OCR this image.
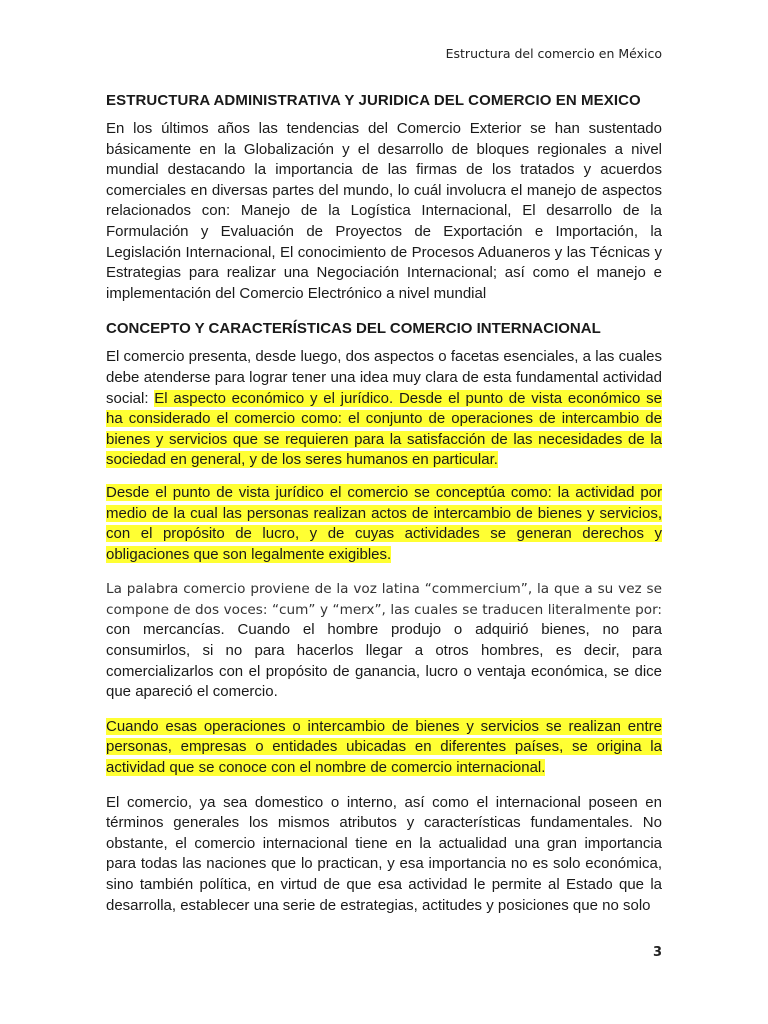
Estructura del comercio en México
ESTRUCTURA ADMINISTRATIVA Y JURIDICA DEL COMERCIO EN MEXICO

En los últimos años las tendencias del Comercio Exterior se han sustentado básicamente en la Globalización y el desarrollo de bloques regionales a nivel mundial destacando la importancia de las firmas de los tratados y acuerdos comerciales en diversas partes del mundo, lo cuál involucra el manejo de aspectos relacionados con: Manejo de la Logística Internacional, El desarrollo de la Formulación y Evaluación de Proyectos de Exportación e Importación, la Legislación Internacional, El conocimiento de Procesos Aduaneros y las Técnicas y Estrategias para realizar una Negociación Internacional; así como el manejo e implementación del Comercio Electrónico a nivel mundial

CONCEPTO Y CARACTERÍSTICAS DEL COMERCIO INTERNACIONAL

El comercio presenta, desde luego, dos aspectos o facetas esenciales, a las cuales debe atenderse para lograr tener una idea muy clara de esta fundamental actividad social: El aspecto económico y el jurídico. Desde el punto de vista económico se ha considerado el comercio como: el conjunto de operaciones de intercambio de bienes y servicios que se requieren para la satisfacción de las necesidades de la sociedad en general, y de los seres humanos en particular.

Desde el punto de vista jurídico el comercio se conceptúa como: la actividad por medio de la cual las personas realizan actos de intercambio de bienes y servicios, con el propósito de lucro, y de cuyas actividades se generan derechos y obligaciones que son legalmente exigibles.

La palabra comercio proviene de la voz latina “commercium”, la que a su vez se compone de dos voces: “cum” y “merx”, las cuales se traducen literalmente por: con mercancías. Cuando el hombre produjo o adquirió bienes, no para consumirlos, si no para hacerlos llegar a otros hombres, es decir, para comercializarlos con el propósito de ganancia, lucro o ventaja económica, se dice que apareció el comercio.

Cuando esas operaciones o intercambio de bienes y servicios se realizan entre personas, empresas o entidades ubicadas en diferentes países, se origina la actividad que se conoce con el nombre de comercio internacional.

El comercio, ya sea domestico o interno, así como el internacional poseen en términos generales los mismos atributos y características fundamentales. No obstante, el comercio internacional tiene en la actualidad una gran importancia para todas las naciones que lo practican, y esa importancia no es solo económica, sino también política, en virtud de que esa actividad le permite al Estado que la desarrolla, establecer una serie de estrategias, actitudes y posiciones que no solo

3
